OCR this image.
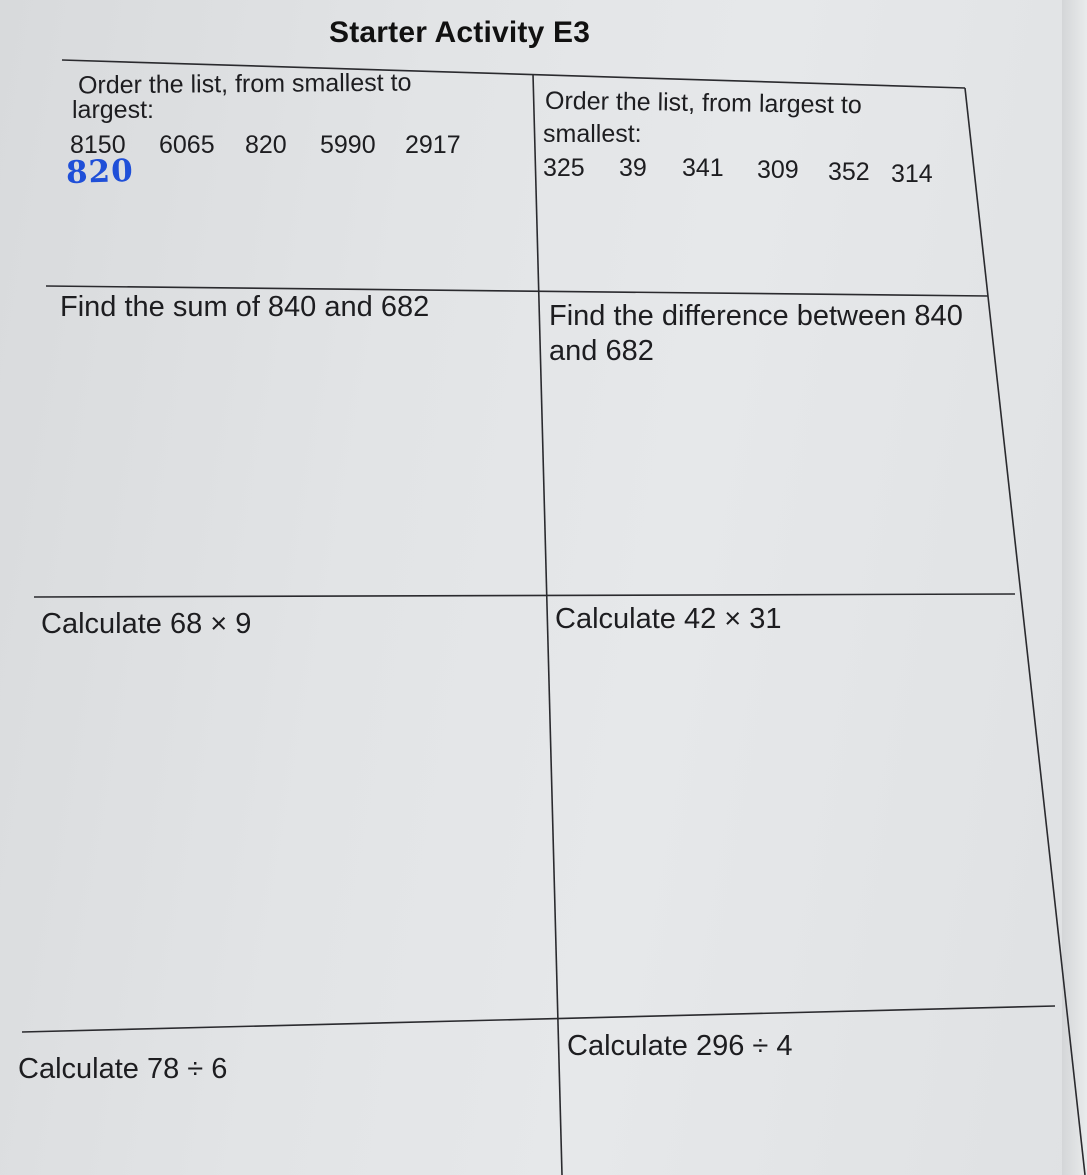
Starter Activity E3
Order the list, from smallest to
largest:
8150 6065 820 5990 2917
820
Order the list, from largest to
smallest:
325 39 341 309 352 314
Find the sum of 840 and 682	Find the difference between 840
and 682
Calculate 68 × 9	Calculate 42 × 31
Calculate 78 ÷ 6
Calculate 296 ÷ 4
